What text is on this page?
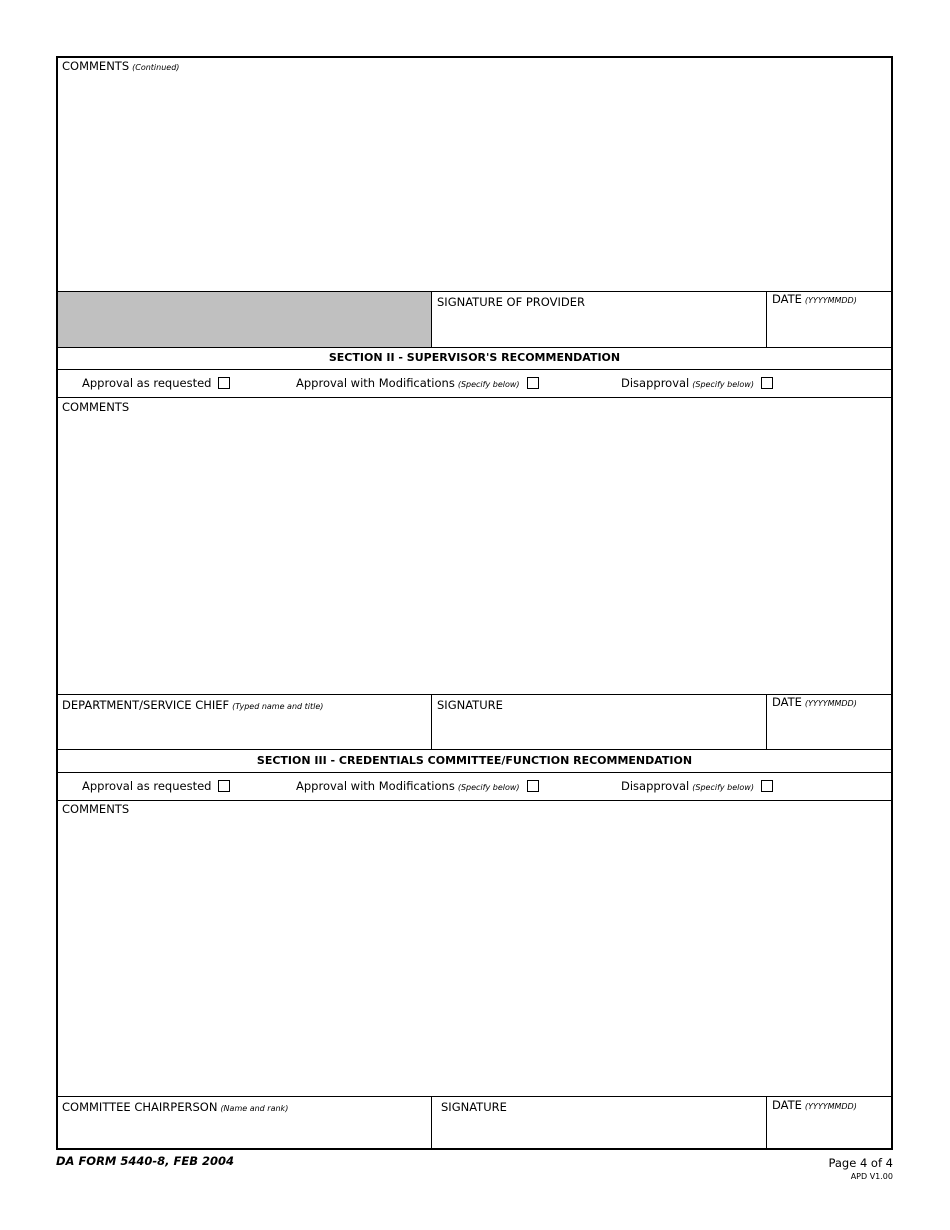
COMMENTS (Continued)
SIGNATURE OF PROVIDER	DATE (YYYYMMDD)
SECTION II - SUPERVISOR'S RECOMMENDATION
Approval as requested	Approval with Modifications (Specify below)	Disapproval (Specify below)
COMMENTS
DEPARTMENT/SERVICE CHIEF (Typed name and title)	SIGNATURE	DATE (YYYYMMDD)
SECTION III - CREDENTIALS COMMITTEE/FUNCTION RECOMMENDATION
Approval as requested	Approval with Modifications (Specify below)	Disapproval (Specify below)
COMMENTS
COMMITTEE CHAIRPERSON (Name and rank)	SIGNATURE	DATE (YYYYMMDD)
DA FORM 5440-8, FEB 2004	Page 4 of 4
APD V1.00
